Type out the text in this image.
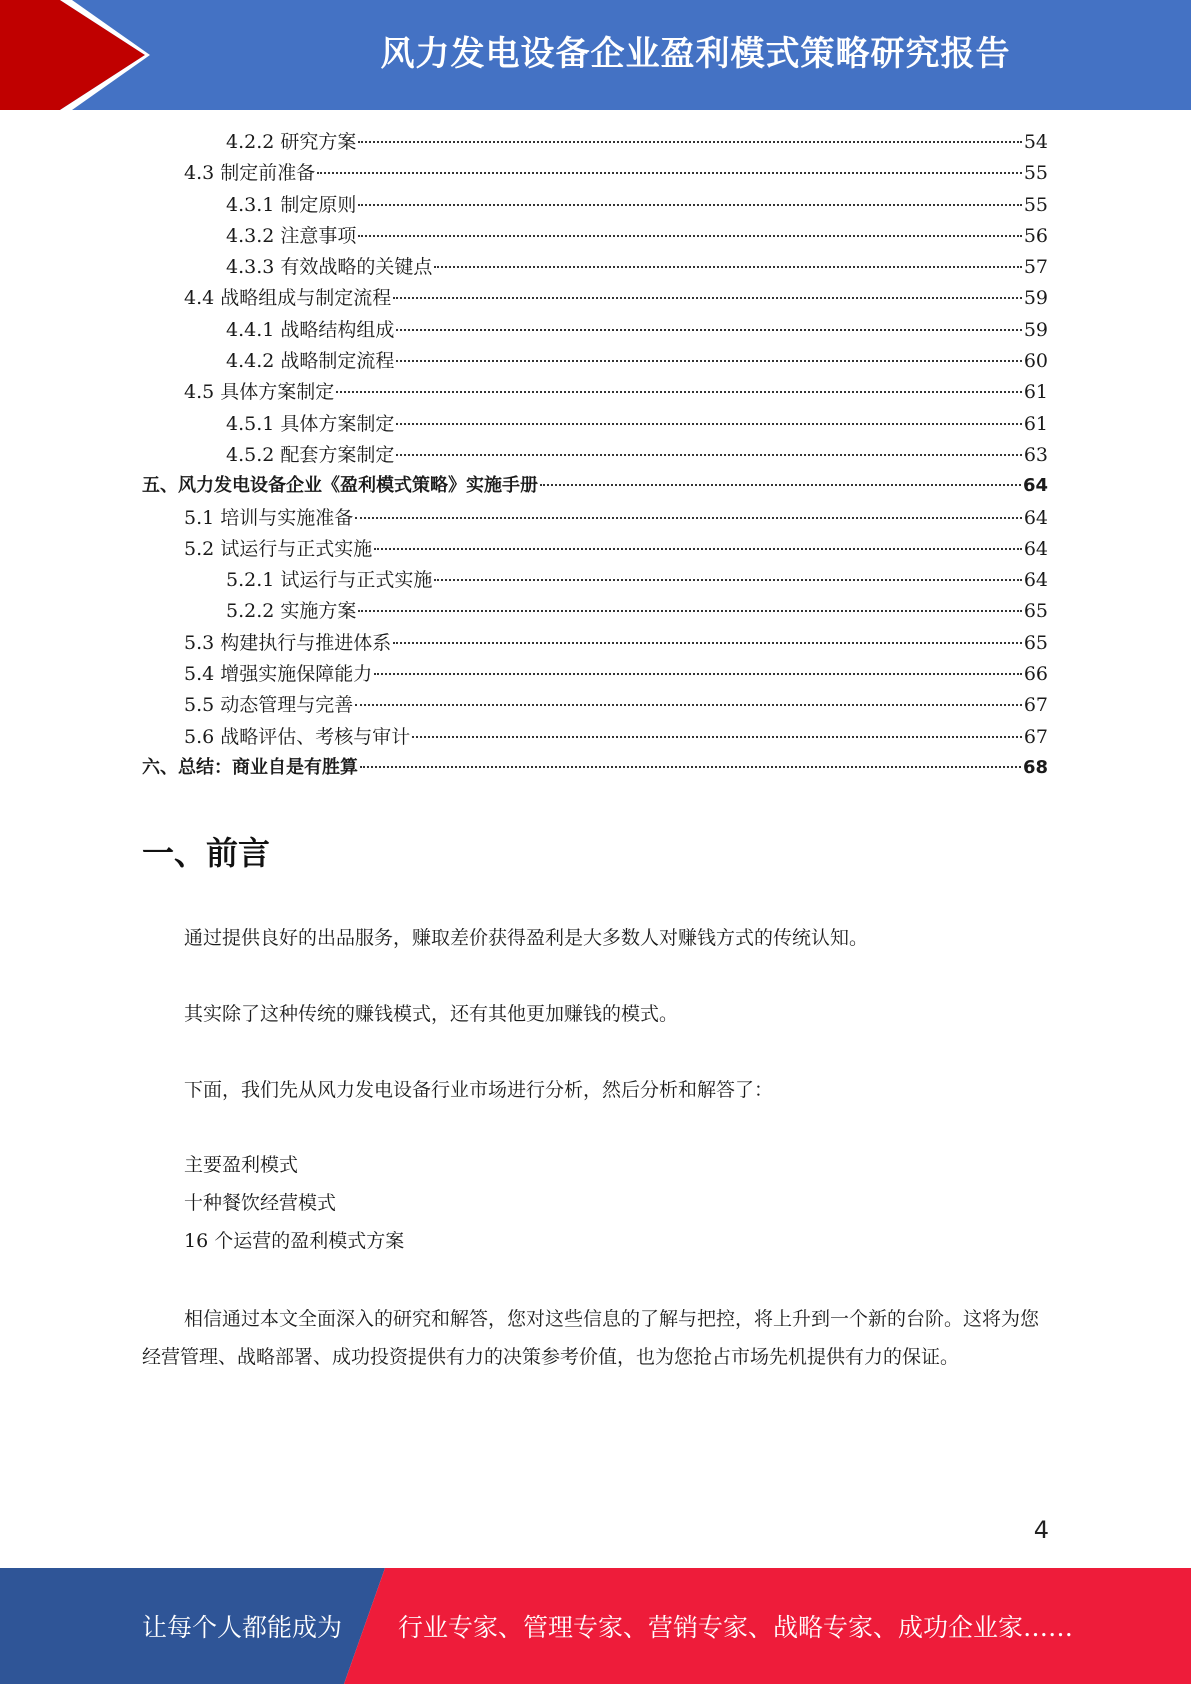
风力发电设备企业盈利模式策略研究报告
4.2.2 研究方案	54
4.3 制定前准备	55
4.3.1 制定原则	55
4.3.2 注意事项	56
4.3.3 有效战略的关键点	57
4.4 战略组成与制定流程	59
4.4.1 战略结构组成	59
4.4.2 战略制定流程	60
4.5 具体方案制定	61
4.5.1 具体方案制定	61
4.5.2 配套方案制定	63
五、风力发电设备企业《盈利模式策略》实施手册	64
5.1 培训与实施准备	64
5.2 试运行与正式实施	64
5.2.1 试运行与正式实施	64
5.2.2 实施方案	65
5.3 构建执行与推进体系	65
5.4 增强实施保障能力	66
5.5 动态管理与完善	67
5.6 战略评估、考核与审计	67
六、总结：商业自是有胜算	68
一、前言
通过提供良好的出品服务，赚取差价获得盈利是大多数人对赚钱方式的传统认知。
其实除了这种传统的赚钱模式，还有其他更加赚钱的模式。
下面，我们先从风力发电设备行业市场进行分析，然后分析和解答了：
主要盈利模式
十种餐饮经营模式
16 个运营的盈利模式方案
相信通过本文全面深入的研究和解答，您对这些信息的了解与把控，将上升到一个新的台阶。这将为您经营管理、战略部署、成功投资提供有力的决策参考价值，也为您抢占市场先机提供有力的保证。
4
让每个人都能成为 行业专家、管理专家、营销专家、战略专家、成功企业家……
